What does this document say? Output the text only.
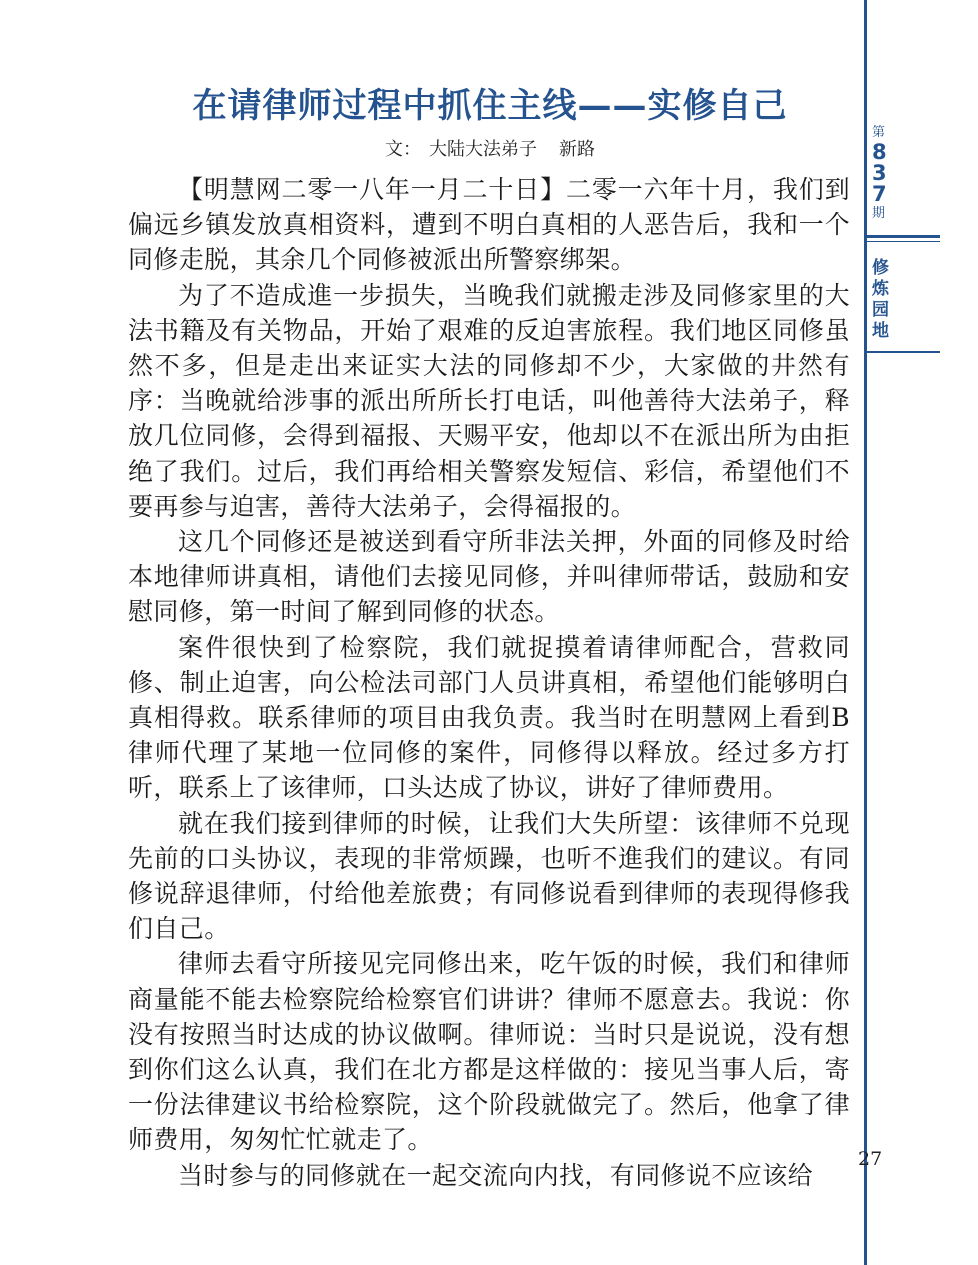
在请律师过程中抓住主线——实修自己
文： 大陆大法弟子 新路

【明慧网二零一八年一月二十日】二零一六年十月，我们到偏远乡镇发放真相资料，遭到不明白真相的人恶告后，我和一个同修走脱，其余几个同修被派出所警察绑架。

为了不造成進一步损失，当晚我们就搬走涉及同修家里的大法书籍及有关物品，开始了艰难的反迫害旅程。我们地区同修虽然不多，但是走出来证实大法的同修却不少，大家做的井然有序：当晚就给涉事的派出所所长打电话，叫他善待大法弟子，释放几位同修，会得到福报、天赐平安，他却以不在派出所为由拒绝了我们。过后，我们再给相关警察发短信、彩信，希望他们不要再参与迫害，善待大法弟子，会得福报的。

这几个同修还是被送到看守所非法关押，外面的同修及时给本地律师讲真相，请他们去接见同修，并叫律师带话，鼓励和安慰同修，第一时间了解到同修的状态。

案件很快到了检察院，我们就捉摸着请律师配合，营救同修、制止迫害，向公检法司部门人员讲真相，希望他们能够明白真相得救。联系律师的项目由我负责。我当时在明慧网上看到B律师代理了某地一位同修的案件，同修得以释放。经过多方打听，联系上了该律师，口头达成了协议，讲好了律师费用。

就在我们接到律师的时候，让我们大失所望：该律师不兑现先前的口头协议，表现的非常烦躁，也听不進我们的建议。有同修说辞退律师，付给他差旅费；有同修说看到律师的表现得修我们自己。

律师去看守所接见完同修出来，吃午饭的时候，我们和律师商量能不能去检察院给检察官们讲讲？律师不愿意去。我说：你没有按照当时达成的协议做啊。律师说：当时只是说说，没有想到你们这么认真，我们在北方都是这样做的：接见当事人后，寄一份法律建议书给检察院，这个阶段就做完了。然后，他拿了律师费用，匆匆忙忙就走了。

当时参与的同修就在一起交流向内找，有同修说不应该给

第
837
期
修炼园地
27
